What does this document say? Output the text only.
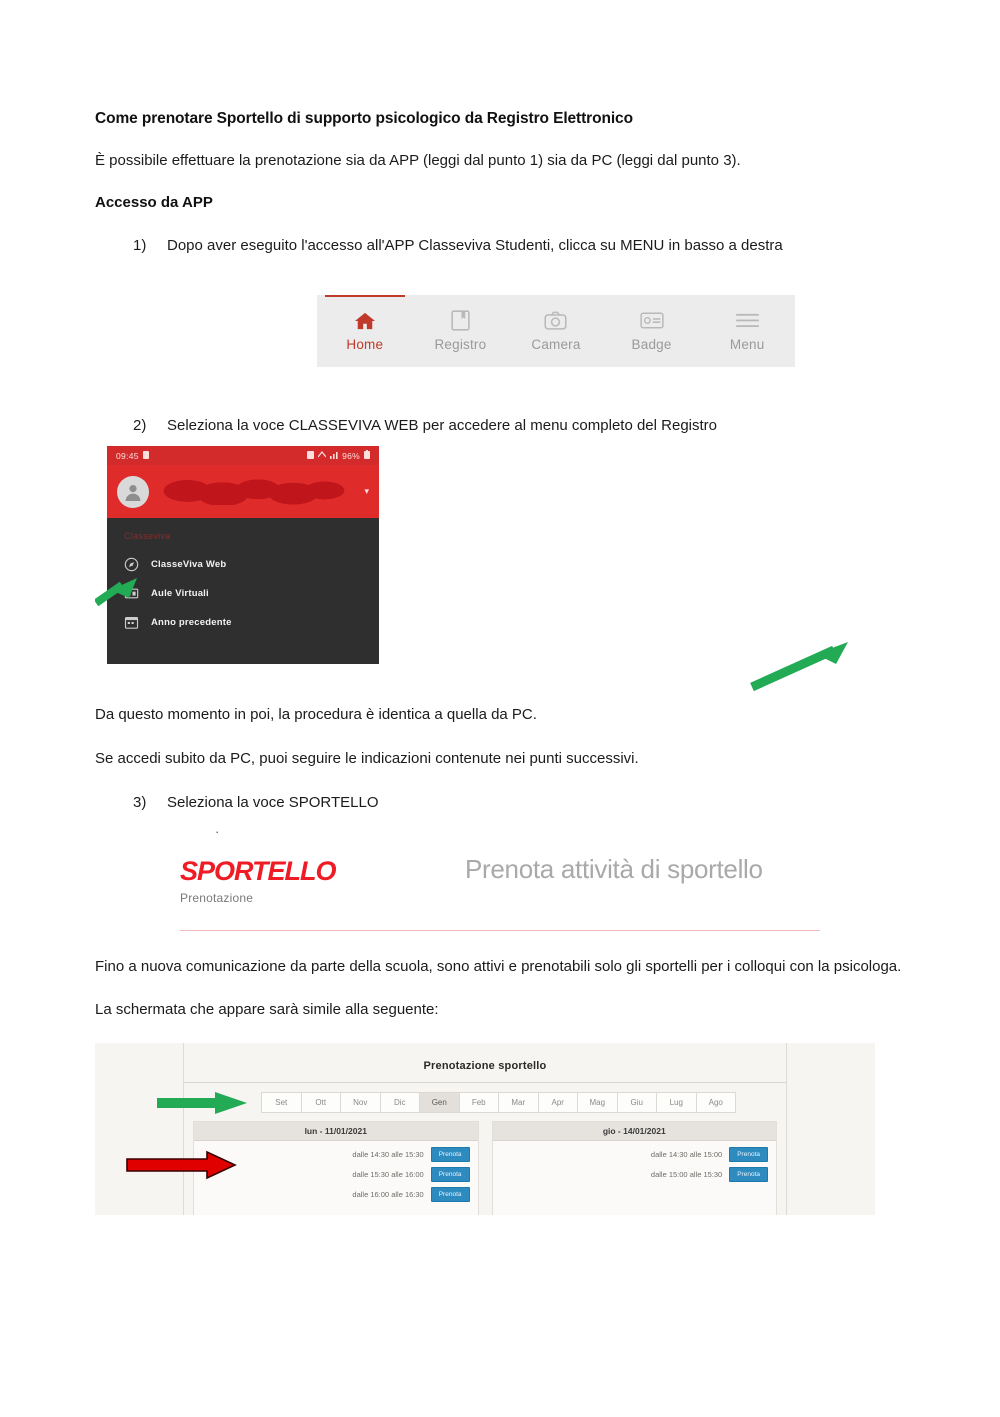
Come prenotare Sportello di supporto psicologico da Registro Elettronico
È possibile effettuare la prenotazione sia da APP (leggi dal punto 1) sia da PC (leggi dal punto 3).
Accesso da APP
1)	Dopo aver eseguito l'accesso all'APP Classeviva Studenti, clicca su MENU in basso a destra
Home	Registro	Camera	Badge	Menu
2)	Seleziona la voce CLASSEVIVA WEB per accedere al menu completo del Registro
09:45	96%
▾
Classeviva
ClasseViva Web
Aule Virtuali
Anno precedente
Da questo momento in poi, la procedura è identica a quella da PC.
Se accedi subito da PC, puoi seguire le indicazioni contenute nei punti successivi.
3)	Seleziona la voce SPORTELLO
·
SPORTELLO
Prenotazione
Prenota attività di sportello
Fino a nuova comunicazione da parte della scuola, sono attivi e prenotabili solo gli sportelli per i colloqui con la psicologa.
La schermata che appare sarà simile alla seguente:
Prenotazione sportello
Set	Ott	Nov	Dic	Gen	Feb	Mar	Apr	Mag	Giu	Lug	Ago
lun - 11/01/2021
dalle 14:30 alle 15:30	Prenota
dalle 15:30 alle 16:00	Prenota
dalle 16:00 alle 16:30	Prenota
gio - 14/01/2021
dalle 14:30 alle 15:00	Prenota
dalle 15:00 alle 15:30	Prenota
